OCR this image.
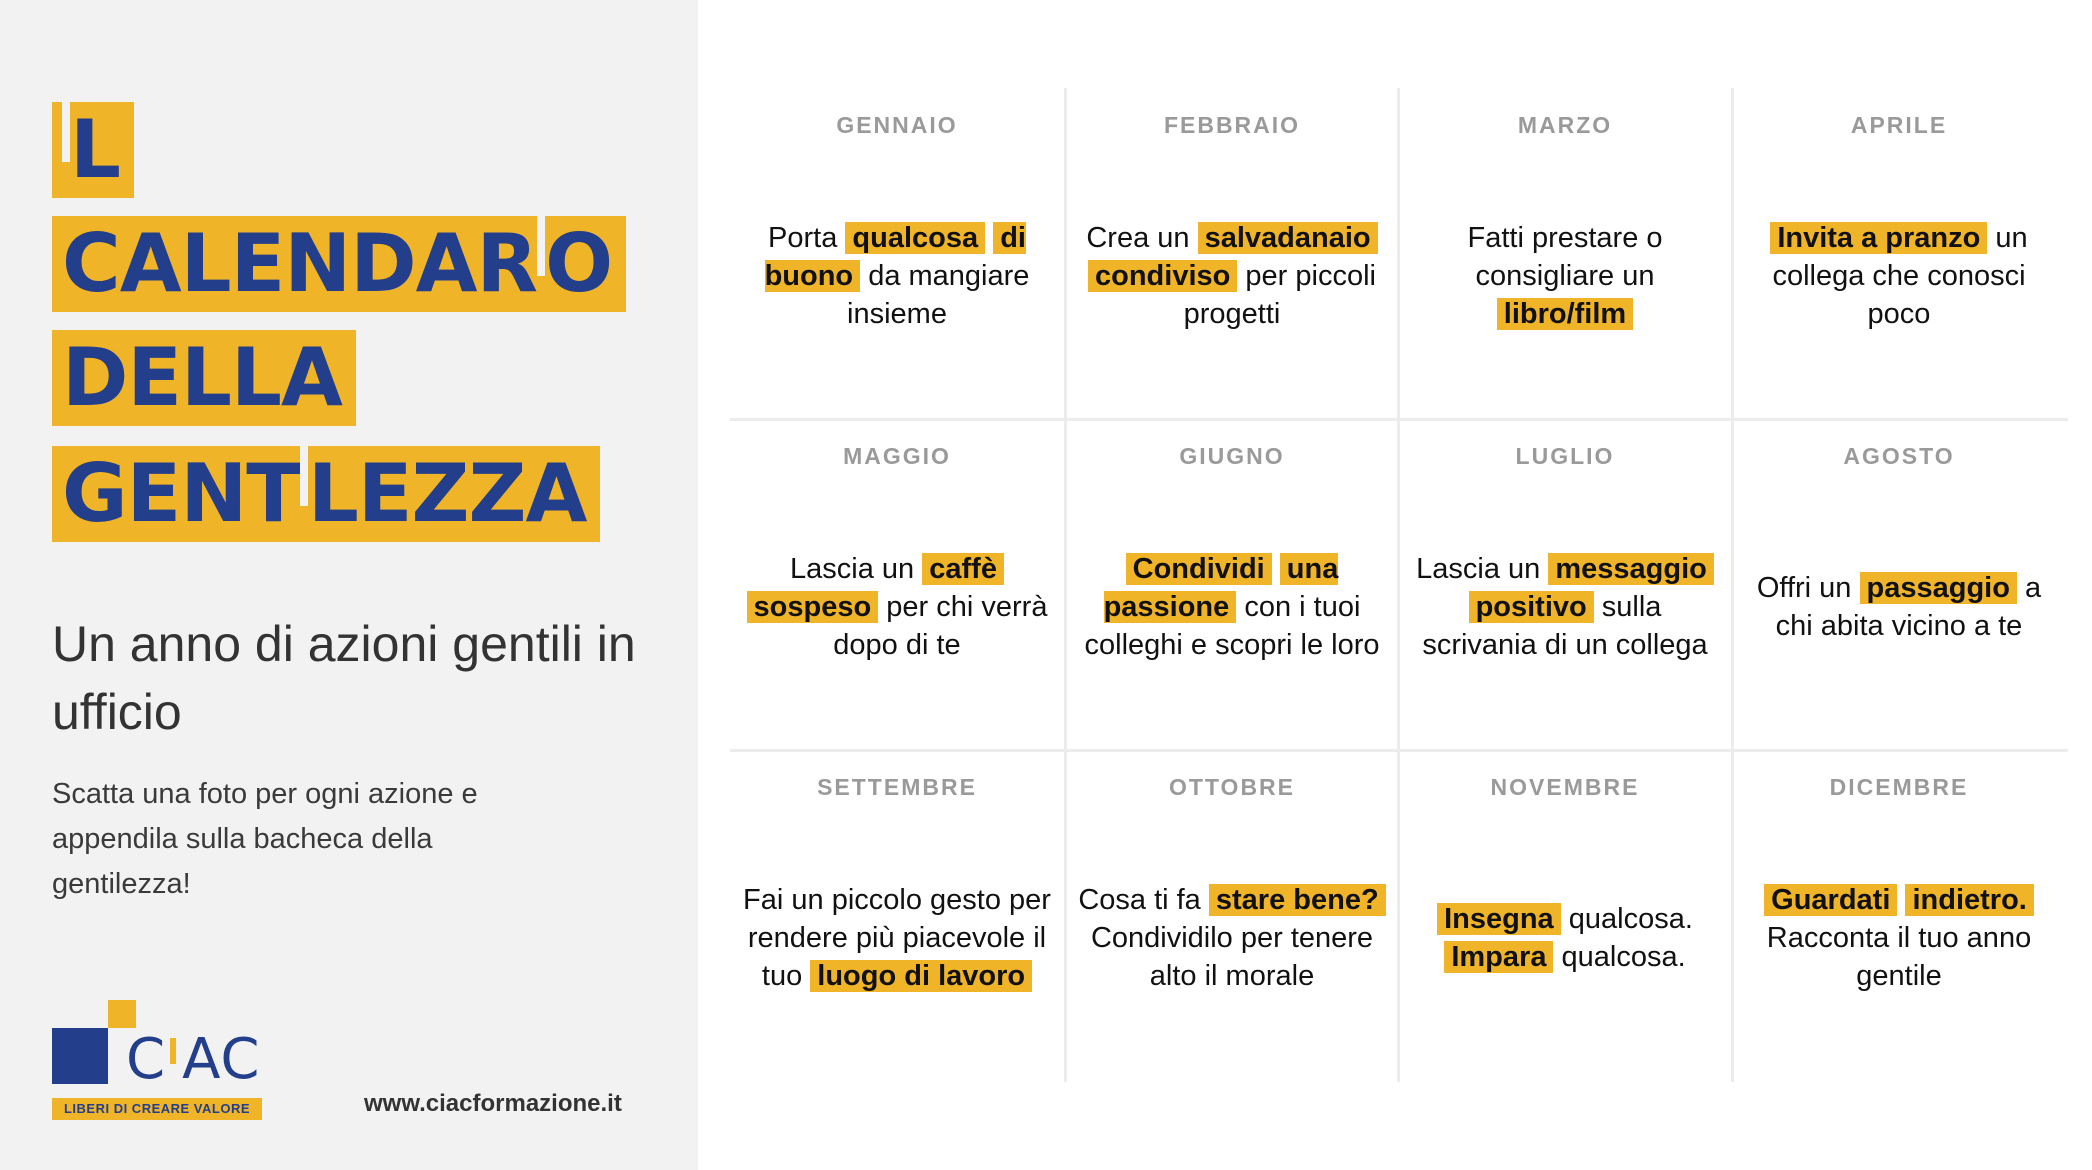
L
CALENDAR O
DELLA
GENT LEZZA
Un anno di azioni gentili in ufficio
Scatta una foto per ogni azione e appendila sulla bacheca della gentilezza!
C AC
LIBERI DI CREARE VALORE	www.ciacformazione.it
GENNAIO

Porta qualcosa di buono da mangiare insieme

FEBBRAIO

Crea un salvadanaio condiviso per piccoli progetti

MARZO

Fatti prestare o consigliare un libro/film

APRILE

Invita a pranzo un collega che conosci poco

MAGGIO

Lascia un caffè sospeso per chi verrà dopo di te

GIUGNO

Condividi una passione con i tuoi colleghi e scopri le loro

LUGLIO

Lascia un messaggio positivo sulla scrivania di un collega

AGOSTO

Offri un passaggio a chi abita vicino a te

SETTEMBRE

Fai un piccolo gesto per rendere più piacevole il tuo luogo di lavoro

OTTOBRE

Cosa ti fa stare bene? Condividilo per tenere alto il morale

NOVEMBRE

Insegna qualcosa. Impara qualcosa.

DICEMBRE

Guardati indietro. Racconta il tuo anno gentile
